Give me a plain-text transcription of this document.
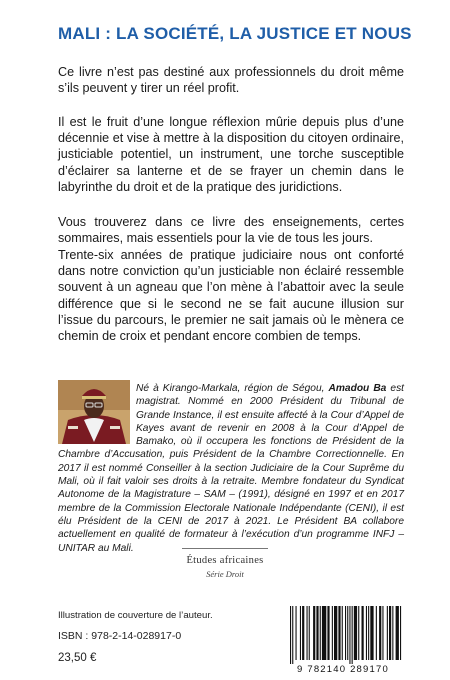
MALI : LA SOCIÉTÉ, LA JUSTICE ET NOUS

Ce livre n’est pas destiné aux professionnels du droit même s’ils peuvent y tirer un réel profit.

Il est le fruit d’une longue réflexion mûrie depuis plus d’une décennie et vise à mettre à la disposition du citoyen ordinaire, justiciable potentiel, un instrument, une torche susceptible d’éclairer sa lanterne et de se frayer un chemin dans le labyrinthe du droit et de la pratique des juridictions.

Vous trouverez dans ce livre des enseignements, certes sommaires, mais essentiels pour la vie de tous les jours.

Trente-six années de pratique judiciaire nous ont conforté dans notre conviction qu’un justiciable non éclairé ressemble souvent à un agneau que l’on mène à l’abattoir avec la seule différence que si le second ne se fait aucune illusion sur l’issue du parcours, le premier ne sait jamais où le mènera ce chemin de croix et pendant encore combien de temps.

Né à Kirango-Markala, région de Ségou, Amadou Ba est magistrat. Nommé en 2000 Président du Tribunal de Grande Instance, il est ensuite affecté à la Cour d’Appel de Kayes avant de revenir en 2008 à la Cour d’Appel de Bamako, où il occupera les fonctions de Président de la Chambre d’Accusation, puis Président de la Chambre Correctionnelle. En 2017 il est nommé Conseiller à la section Judiciaire de la Cour Suprême du Mali, où il fait valoir ses droits à la retraite. Membre fondateur du Syndicat Autonome de la Magistrature – SAM – (1991), désigné en 1997 et en 2017 membre de la Commission Electorale Nationale Indépendante (CENI), il est élu Président de la CENI de 2017 à 2021. Le Président BA collabore actuellement en qualité de formateur à l’exécution d’un programme INFJ – UNITAR au Mali.

Études africaines
Série Droit
Illustration de couverture de l’auteur.
ISBN : 978-2-14-028917-0
23,50 €
9 782140 289170
